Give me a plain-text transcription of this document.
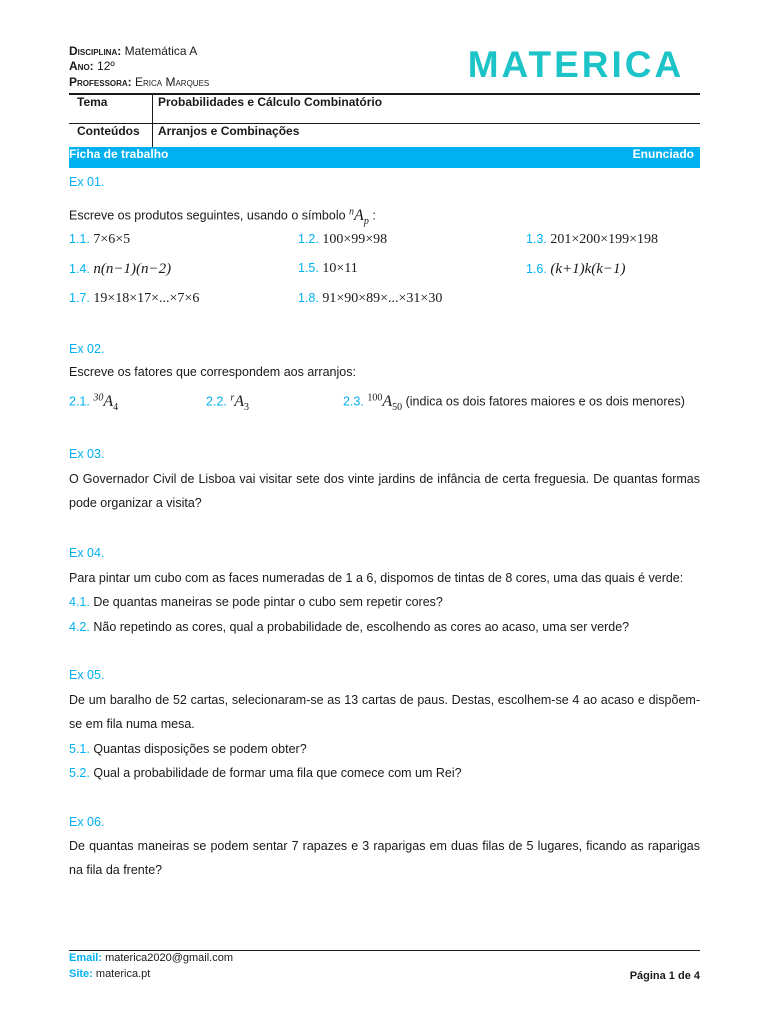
Disciplina: Matemática A
Ano: 12º
Professora: Erica Marques	MATERICA
Tema	Probabilidades e Cálculo Combinatório
Conteúdos	Arranjos e Combinações
Ficha de trabalho	Enunciado
Ex 01.
Escreve os produtos seguintes, usando o símbolo $^nA_p$ :
1.1. 7×6×5	1.2. 100×99×98	1.3. 201×200×199×198
1.4. n(n−1)(n−2)	1.5. 10×11	1.6. (k+1)k(k−1)
1.7. 19×18×17×...×7×6	1.8. 91×90×89×...×31×30
Ex 02.
Escreve os fatores que correspondem aos arranjos:
2.1. $^{30}A_4$	2.2. $^rA_3$	2.3. $^{100}A_{50}$ (indica os dois fatores maiores e os dois menores)
Ex 03.
O Governador Civil de Lisboa vai visitar sete dos vinte jardins de infância de certa freguesia. De quantas formas pode organizar a visita?
Ex 04.
Para pintar um cubo com as faces numeradas de 1 a 6, dispomos de tintas de 8 cores, uma das quais é verde:
4.1. De quantas maneiras se pode pintar o cubo sem repetir cores?
4.2. Não repetindo as cores, qual a probabilidade de, escolhendo as cores ao acaso, uma ser verde?
Ex 05.
De um baralho de 52 cartas, selecionaram-se as 13 cartas de paus. Destas, escolhem-se 4 ao acaso e dispõem-se em fila numa mesa.
5.1. Quantas disposições se podem obter?
5.2. Qual a probabilidade de formar uma fila que comece com um Rei?
Ex 06.
De quantas maneiras se podem sentar 7 rapazes e 3 raparigas em duas filas de 5 lugares, ficando as raparigas na fila da frente?
Email: materica2020@gmail.com
Site: materica.pt	Página 1 de 4
